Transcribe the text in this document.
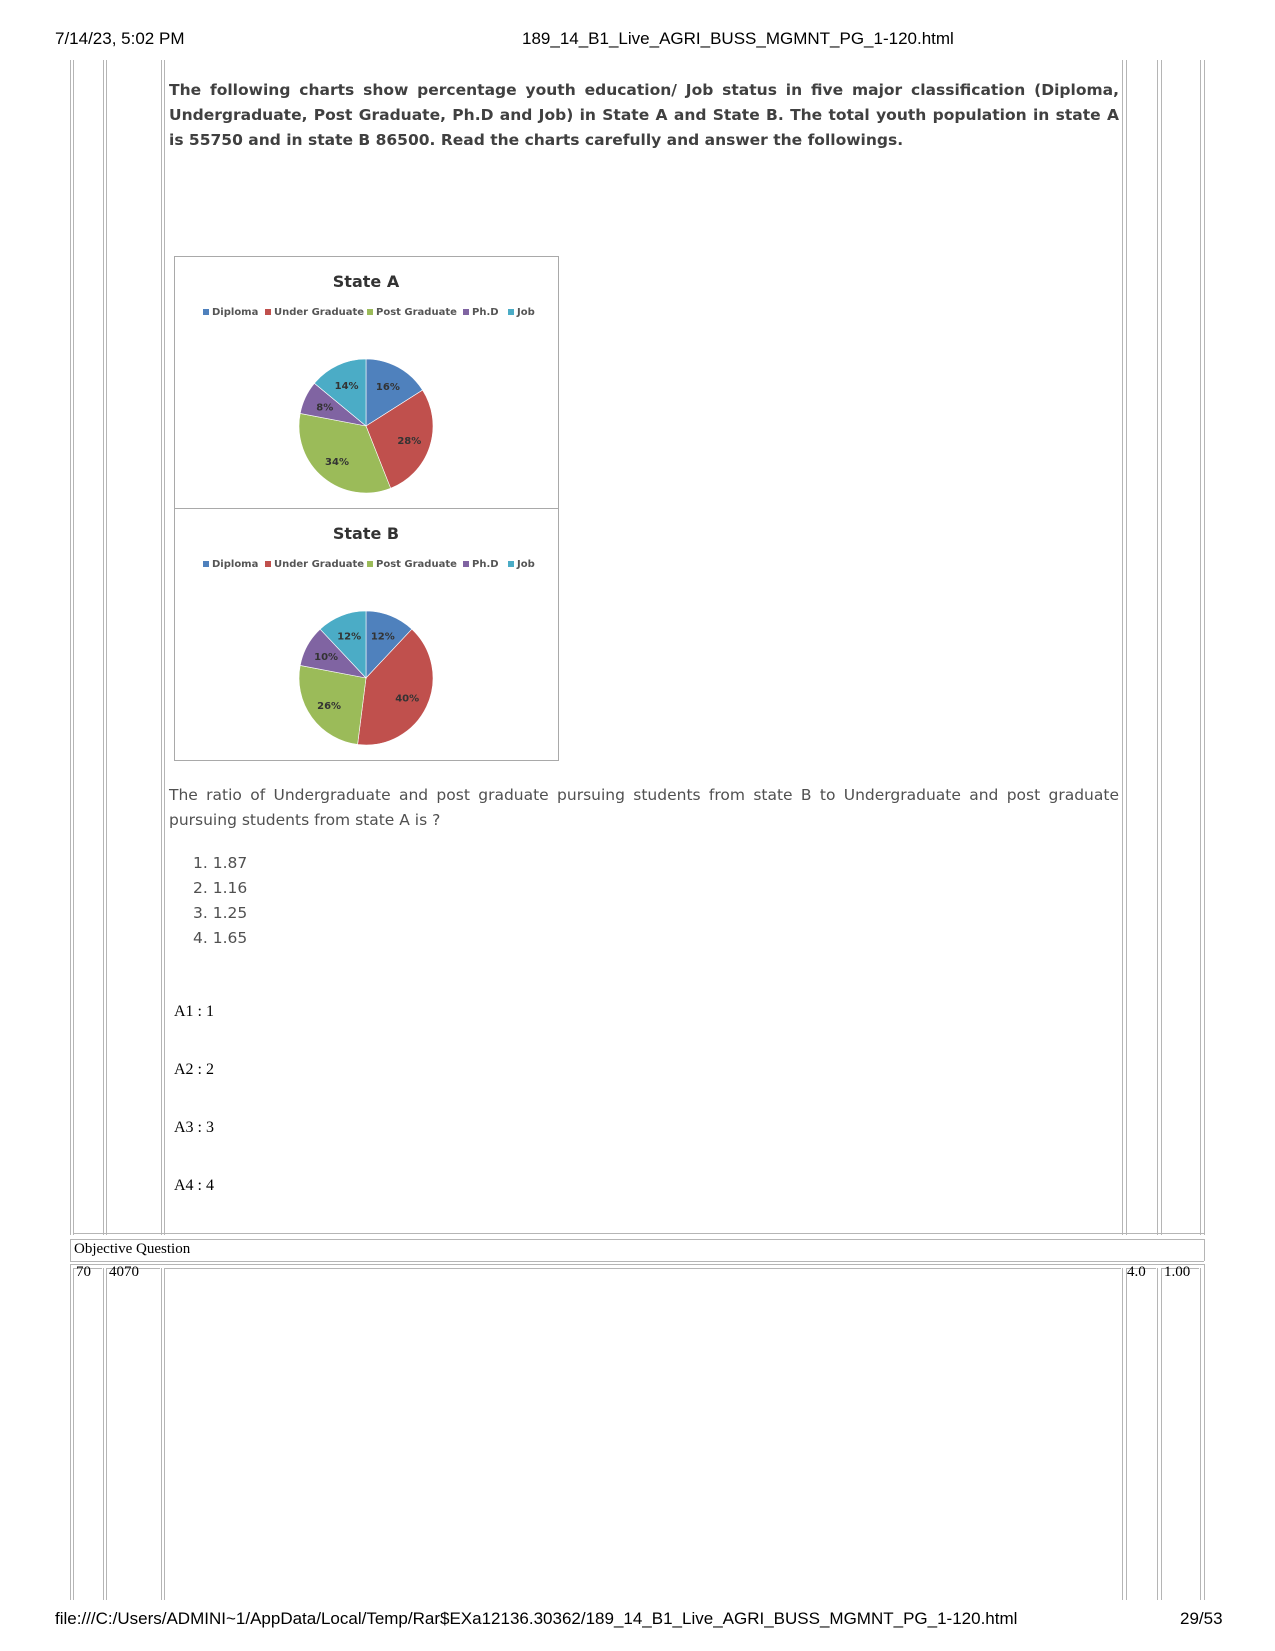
7/14/23, 5:02 PM	189_14_B1_Live_AGRI_BUSS_MGMNT_PG_1-120.html
The following charts show percentage youth education/ Job status in five major classification (Diploma, Undergraduate, Post Graduate, Ph.D and Job) in State A and State B. The total youth population in state A is 55750 and in state B 86500. Read the charts carefully and answer the followings.
State A
Diploma Under Graduate Post Graduate Ph.D Job
16%
28%
34%
8%
14%
State B
Diploma Under Graduate Post Graduate Ph.D Job
12%
40%
26%
10%
12%
The ratio of Undergraduate and post graduate pursuing students from state B to Undergraduate and post graduate pursuing students from state A is ?
1. 1.87
2. 1.16
3. 1.25
4. 1.65
A1 : 1
A2 : 2
A3 : 3
A4 : 4
Objective Question
70 4070	4.0 1.00
file:///C:/Users/ADMINI~1/AppData/Local/Temp/Rar$EXa12136.30362/189_14_B1_Live_AGRI_BUSS_MGMNT_PG_1-120.html	29/53
